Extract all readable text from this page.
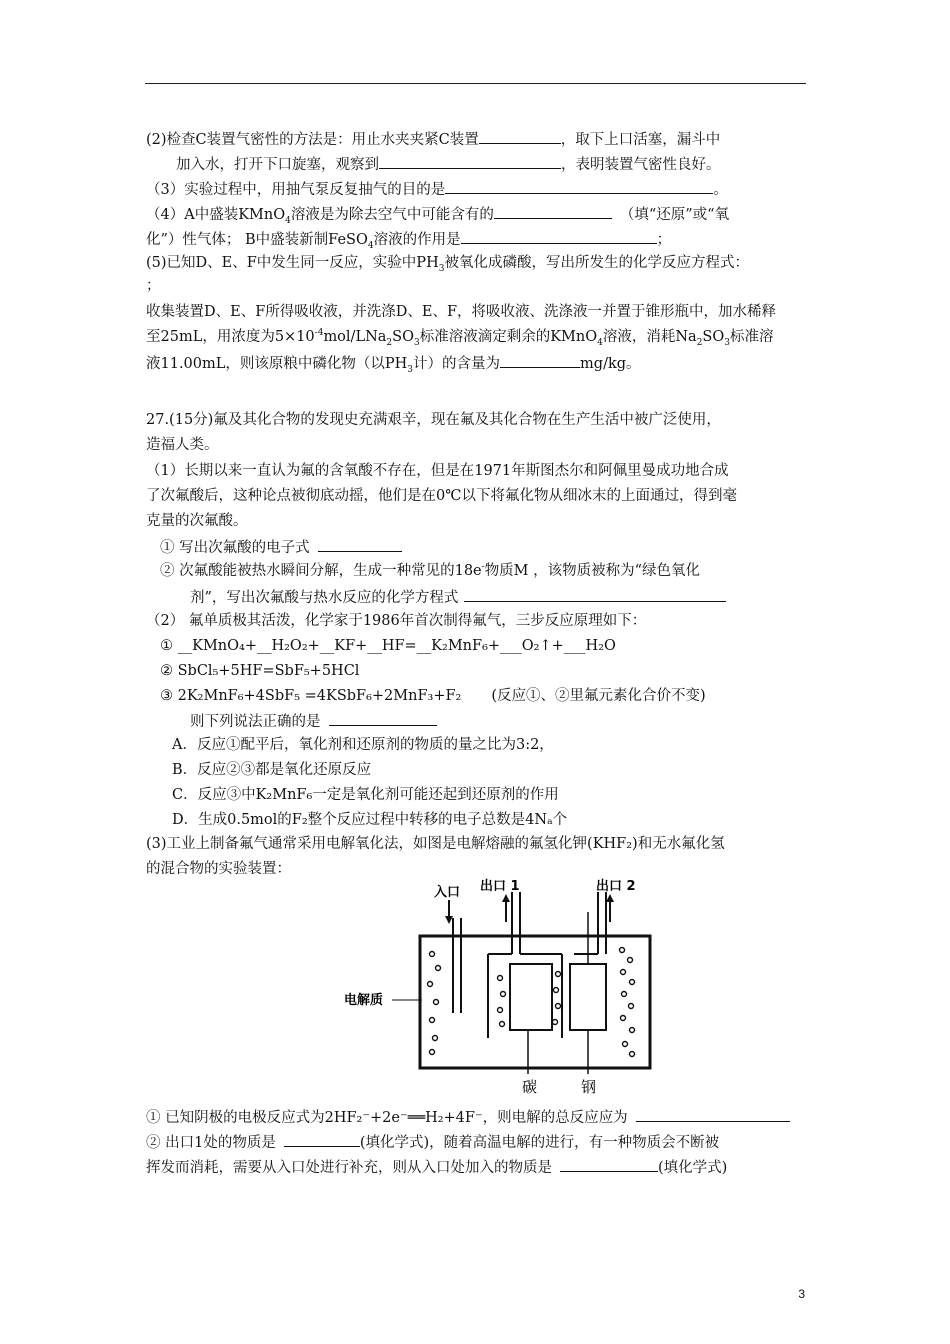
(2)检查C装置气密性的方法是：用止水夹夹紧C装置	，取下上口活塞，漏斗中
加入水，打开下口旋塞，观察到	，表明装置气密性良好。
（3）实验过程中，用抽气泵反复抽气的目的是	。
（4）A中盛装KMnO$_4$溶液是为除去空气中可能含有的	（填“还原”或“氧
化”）性气体； B中盛装新制FeSO$_4$溶液的作用是	；
(5)已知D、E、F中发生同一反应，实验中$PH_3$被氧化成磷酸，写出所发生的化学反应方程式：
；
收集装置D、E、F所得吸收液，并洗涤D、E、F，将吸收液、洗涤液一并置于锥形瓶中，加水稀释
至25mL，用浓度为$5\times 10^{-4}mol/LNa_2SO_3$标准溶液滴定剩余的KMnO$_4$溶液，消耗$Na_2SO_3$标准溶
液11.00mL，则该原粮中磷化物（以$PH_3$计）的含量为	mg/kg。
27.(15分)氟及其化合物的发现史充满艰辛，现在氟及其化合物在生产生活中被广泛使用，
造福人类。
（1）长期以来一直认为氟的含氧酸不存在，但是在1971年斯图杰尔和阿佩里曼成功地合成
了次氟酸后，这种论点被彻底动摇，他们是在0℃以下将氟化物从细冰末的上面通过，得到毫
克量的次氟酸。
① 写出次氟酸的电子式
② 次氟酸能被热水瞬间分解，生成一种常见的18e-物质M ，该物质被称为“绿色氧化
剂”，写出次氟酸与热水反应的化学方程式
（2） 氟单质极其活泼，化学家于1986年首次制得氟气，三步反应原理如下：
① __KMnO₄+__H₂O₂+__KF+__HF=__K₂MnF₆+___O₂↑+___H₂O
② SbCl₅+5HF=SbF₅+5HCl
③ 2K₂MnF₆+4SbF₅ =4KSbF₆+2MnF₃+F₂ (反应①、②里氟元素化合价不变)
则下列说法正确的是
A．反应①配平后，氧化剂和还原剂的物质的量之比为3:2，
B．反应②③都是氧化还原反应
C．反应③中K₂MnF₆一定是氧化剂可能还起到还原剂的作用
D．生成0.5mol的F₂整个反应过程中转移的电子总数是4Nₐ个
(3)工业上制备氟气通常采用电解氧化法，如图是电解熔融的氟氢化钾(KHF₂)和无水氟化氢
的混合物的实验装置：
入口 出口 1	出口 2
电解质
碳	钢
① 已知阴极的电极反应式为2HF₂⁻+2e⁻══H₂+4F⁻，则电解的总反应应为
② 出口1处的物质是	(填化学式)，随着高温电解的进行，有一种物质会不断被
挥发而消耗，需要从入口处进行补充，则从入口处加入的物质是	(填化学式)
3
